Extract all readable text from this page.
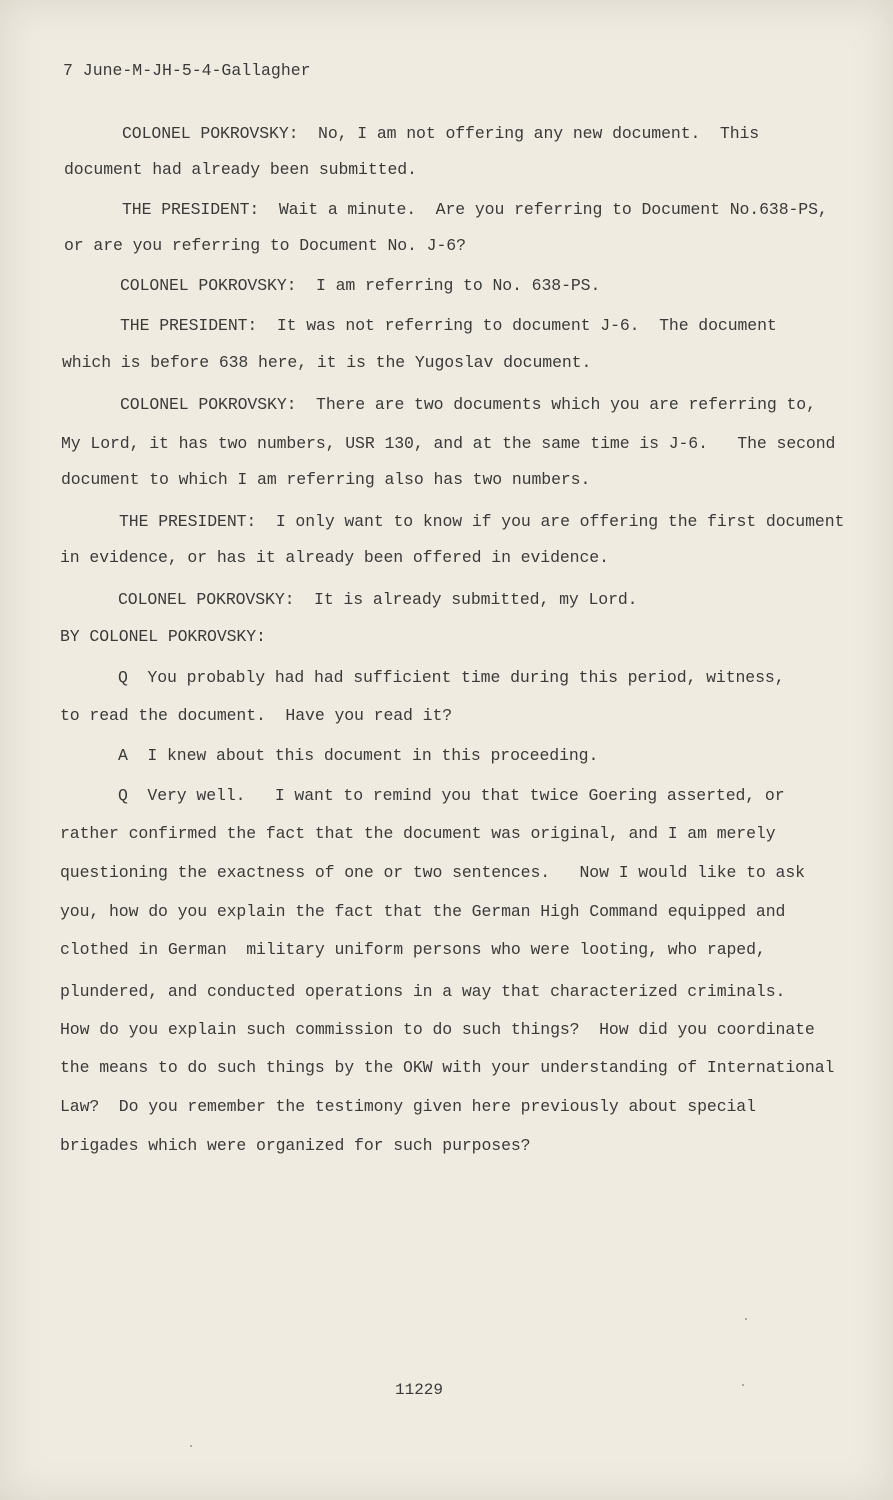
7 June-M-JH-5-4-Gallagher
COLONEL POKROVSKY:  No, I am not offering any new document.  This
document had already been submitted.
THE PRESIDENT:  Wait a minute.  Are you referring to Document No.638-PS,
or are you referring to Document No. J-6?
COLONEL POKROVSKY:  I am referring to No. 638-PS.
THE PRESIDENT:  It was not referring to document J-6.  The document
which is before 638 here, it is the Yugoslav document.
COLONEL POKROVSKY:  There are two documents which you are referring to,
My Lord, it has two numbers, USR 130, and at the same time is J-6.   The second
document to which I am referring also has two numbers.
THE PRESIDENT:  I only want to know if you are offering the first document
in evidence, or has it already been offered in evidence.
COLONEL POKROVSKY:  It is already submitted, my Lord.
BY COLONEL POKROVSKY:
Q  You probably had had sufficient time during this period, witness,
to read the document.  Have you read it?
A  I knew about this document in this proceeding.
Q  Very well.   I want to remind you that twice Goering asserted, or
rather confirmed the fact that the document was original, and I am merely
questioning the exactness of one or two sentences.   Now I would like to ask
you, how do you explain the fact that the German High Command equipped and
clothed in German  military uniform persons who were looting, who raped,
plundered, and conducted operations in a way that characterized criminals.
How do you explain such commission to do such things?  How did you coordinate
the means to do such things by the OKW with your understanding of International
Law?  Do you remember the testimony given here previously about special
brigades which were organized for such purposes?
11229
